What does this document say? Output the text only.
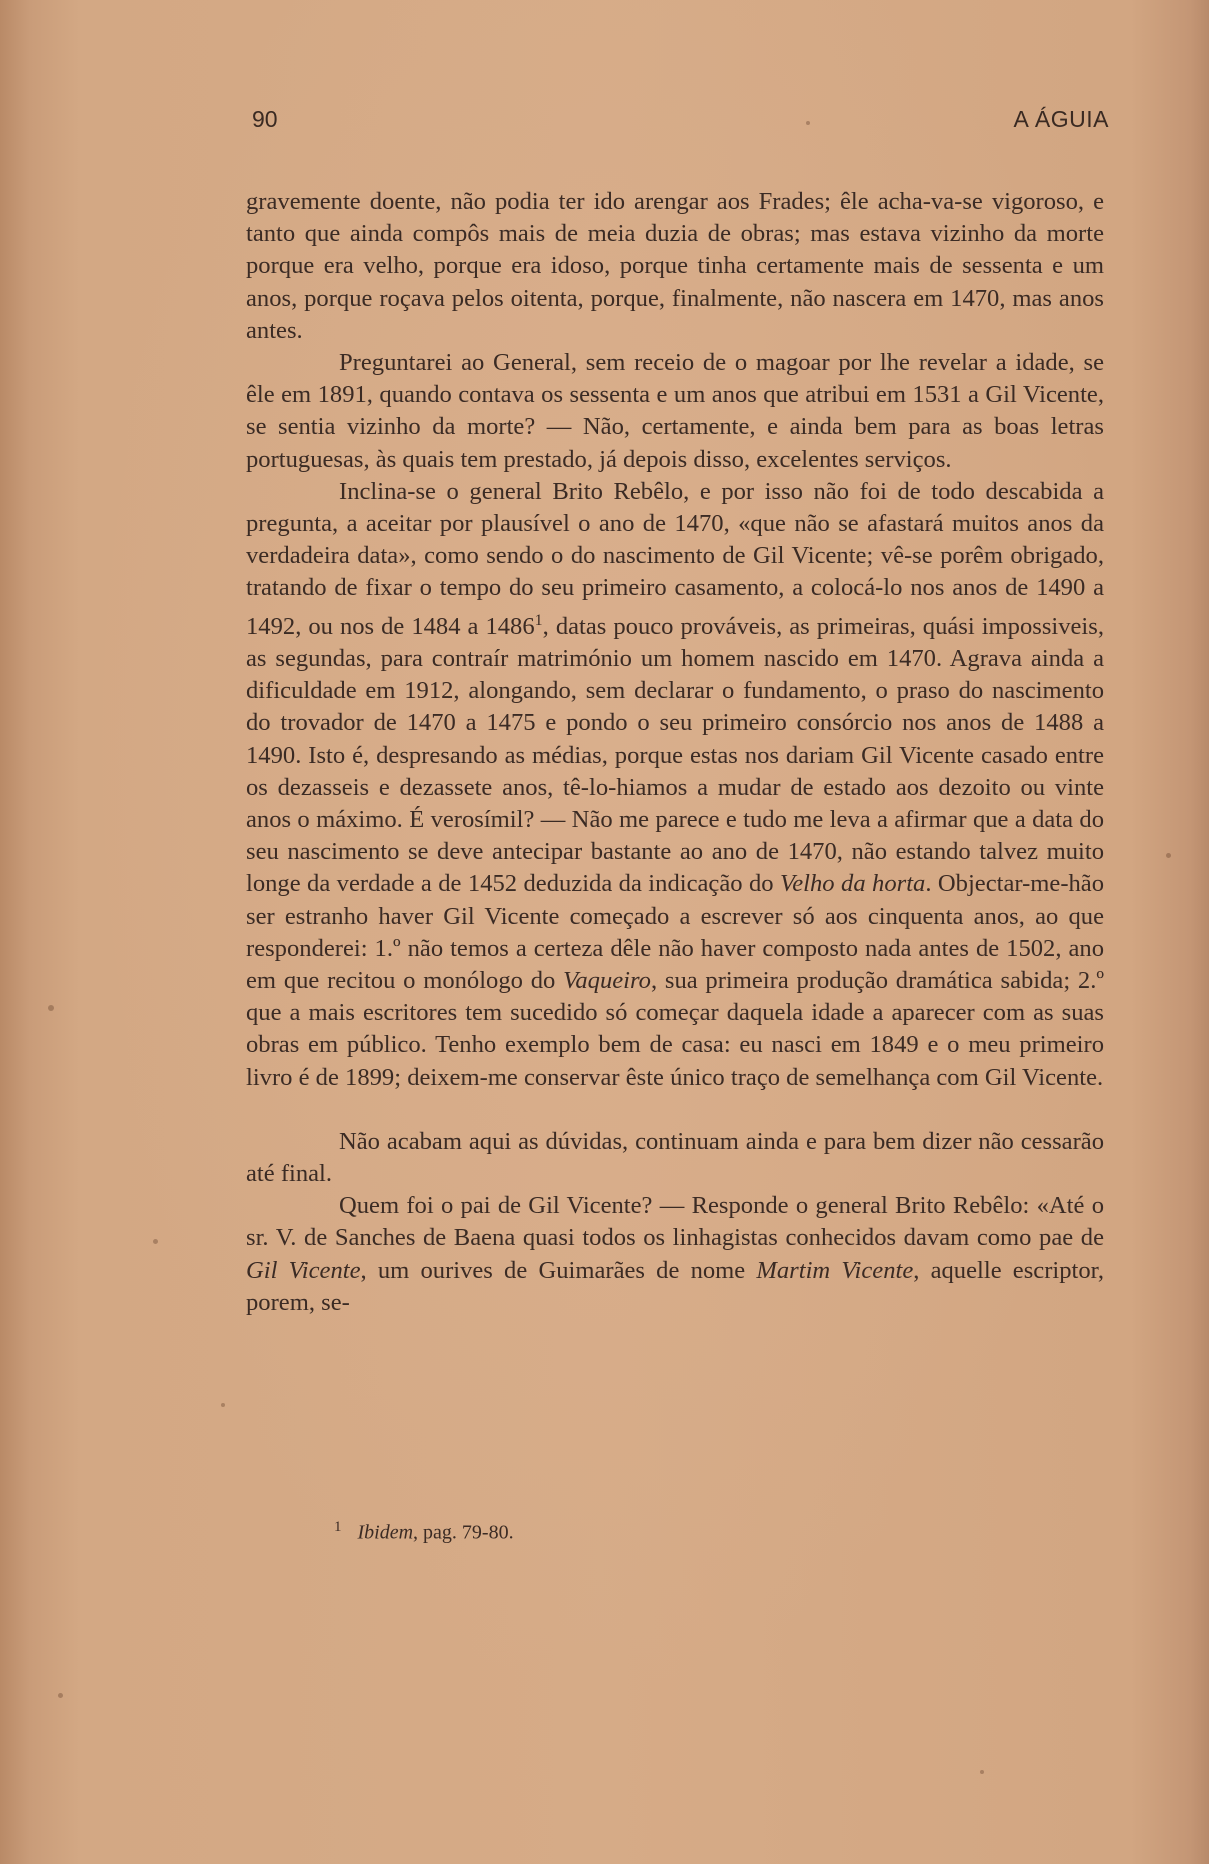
90	A ÁGUIA

gravemente doente, não podia ter ido arengar aos Frades; êle acha-va-se vigoroso, e tanto que ainda compôs mais de meia duzia de obras; mas estava vizinho da morte porque era velho, porque era idoso, porque tinha certamente mais de sessenta e um anos, porque roçava pelos oitenta, porque, finalmente, não nascera em 1470, mas anos antes.

Preguntarei ao General, sem receio de o magoar por lhe revelar a idade, se êle em 1891, quando contava os sessenta e um anos que atribui em 1531 a Gil Vicente, se sentia vizinho da morte? — Não, certamente, e ainda bem para as boas letras portuguesas, às quais tem prestado, já depois disso, excelentes serviços.

Inclina-se o general Brito Rebêlo, e por isso não foi de todo descabida a pregunta, a aceitar por plausível o ano de 1470, «que não se afastará muitos anos da verdadeira data», como sendo o do nascimento de Gil Vicente; vê-se porêm obrigado, tratando de fixar o tempo do seu primeiro casamento, a colocá-lo nos anos de 1490 a 1492, ou nos de 1484 a 1486$^1$, datas pouco prováveis, as primeiras, quási impossiveis, as segundas, para contraír matrimónio um homem nascido em 1470. Agrava ainda a dificuldade em 1912, alongando, sem declarar o fundamento, o praso do nascimento do trovador de 1470 a 1475 e pondo o seu primeiro consórcio nos anos de 1488 a 1490. Isto é, despresando as médias, porque estas nos dariam Gil Vicente casado entre os dezasseis e dezassete anos, tê-lo-hiamos a mudar de estado aos dezoito ou vinte anos o máximo. É verosímil? — Não me parece e tudo me leva a afirmar que a data do seu nascimento se deve antecipar bastante ao ano de 1470, não estando talvez muito longe da verdade a de 1452 deduzida da indicação do Velho da horta. Objectar-me-hão ser estranho haver Gil Vicente começado a escrever só aos cinquenta anos, ao que responderei: 1.º não temos a certeza dêle não haver composto nada antes de 1502, ano em que recitou o monólogo do Vaqueiro, sua primeira produção dramática sabida; 2.º que a mais escritores tem sucedido só começar daquela idade a aparecer com as suas obras em público. Tenho exemplo bem de casa: eu nasci em 1849 e o meu primeiro livro é de 1899; deixem-me conservar êste único traço de semelhança com Gil Vicente.

Não acabam aqui as dúvidas, continuam ainda e para bem dizer não cessarão até final.

Quem foi o pai de Gil Vicente? — Responde o general Brito Rebêlo: «Até o sr. V. de Sanches de Baena quasi todos os linhagistas conhecidos davam como pae de Gil Vicente, um ourives de Guimarães de nome Martim Vicente, aquelle escriptor, porem, se-

$^1$ Ibidem, pag. 79-80.
